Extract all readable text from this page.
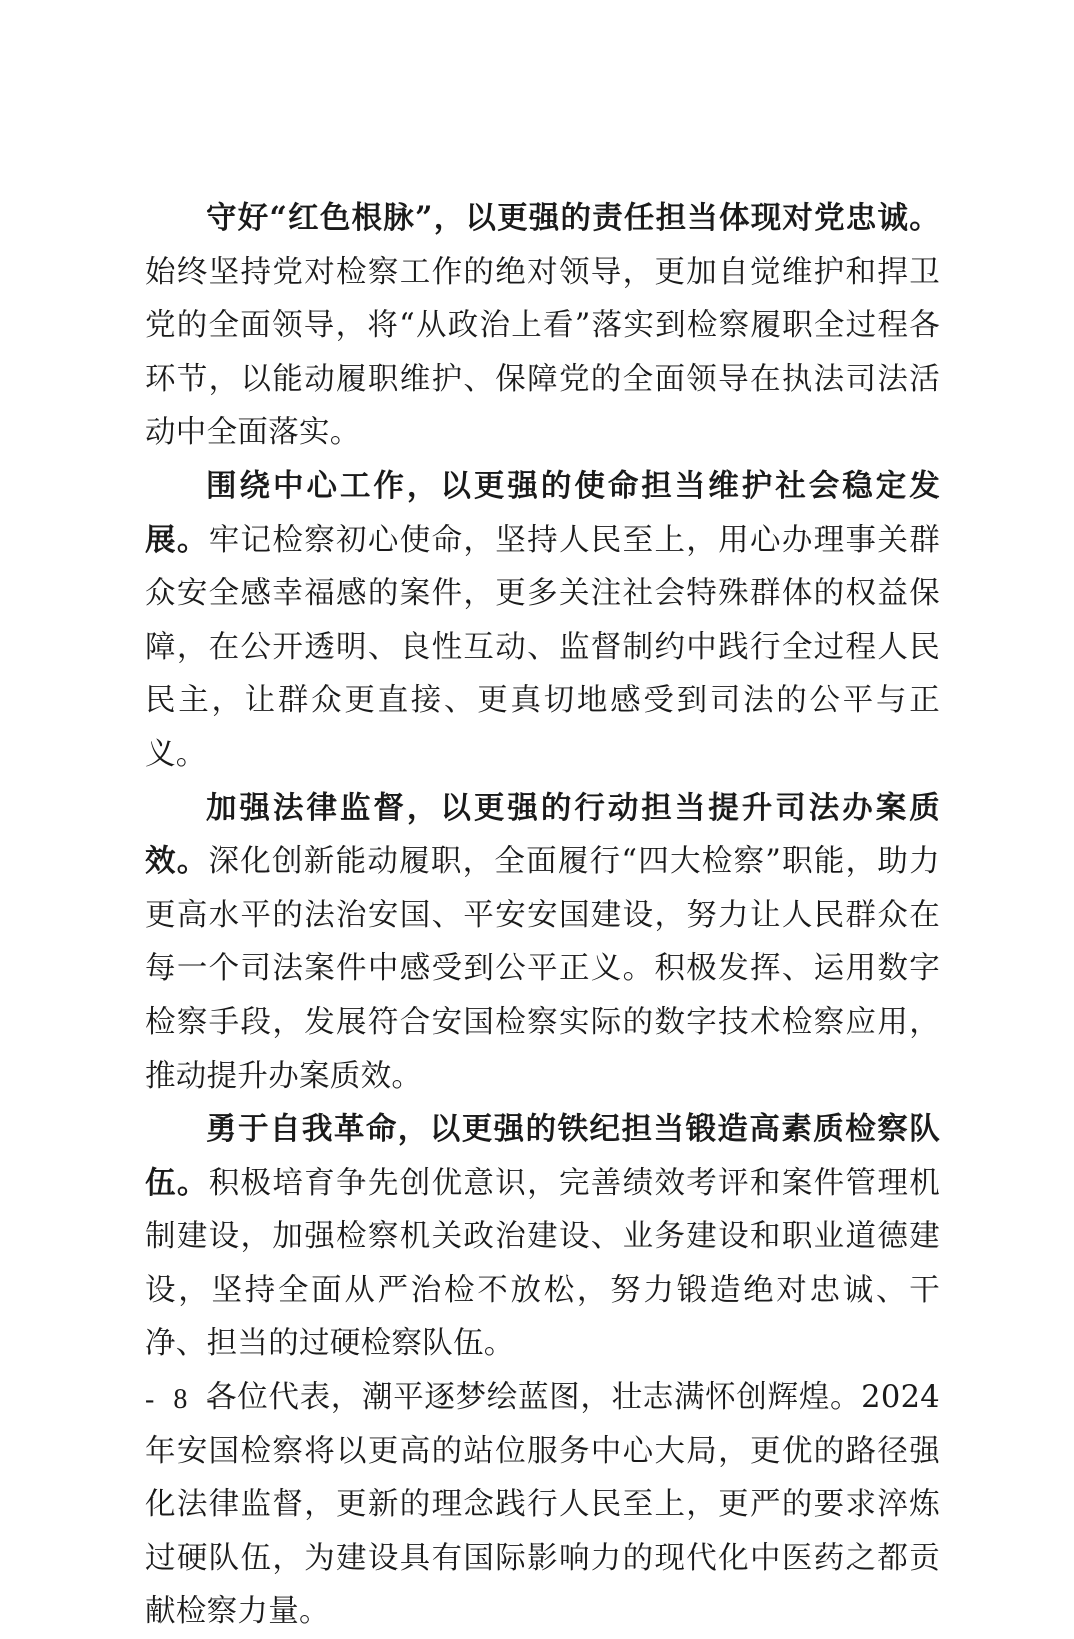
守好“红色根脉”，以更强的责任担当体现对党忠诚。始终坚持党对检察工作的绝对领导，更加自觉维护和捍卫党的全面领导，将“从政治上看”落实到检察履职全过程各环节，以能动履职维护、保障党的全面领导在执法司法活动中全面落实。

围绕中心工作，以更强的使命担当维护社会稳定发展。牢记检察初心使命，坚持人民至上，用心办理事关群众安全感幸福感的案件，更多关注社会特殊群体的权益保障，在公开透明、良性互动、监督制约中践行全过程人民民主，让群众更直接、更真切地感受到司法的公平与正义。

加强法律监督，以更强的行动担当提升司法办案质效。深化创新能动履职，全面履行“四大检察”职能，助力更高水平的法治安国、平安安国建设，努力让人民群众在每一个司法案件中感受到公平正义。积极发挥、运用数字检察手段，发展符合安国检察实际的数字技术检察应用，推动提升办案质效。

勇于自我革命，以更强的铁纪担当锻造高素质检察队伍。积极培育争先创优意识，完善绩效考评和案件管理机制建设，加强检察机关政治建设、业务建设和职业道德建设，坚持全面从严治检不放松，努力锻造绝对忠诚、干净、担当的过硬检察队伍。

各位代表，潮平逐梦绘蓝图，壮志满怀创辉煌。2024年安国检察将以更高的站位服务中心大局，更优的路径强化法律监督，更新的理念践行人民至上，更严的要求淬炼过硬队伍，为建设具有国际影响力的现代化中医药之都贡献检察力量。

- 8 -
